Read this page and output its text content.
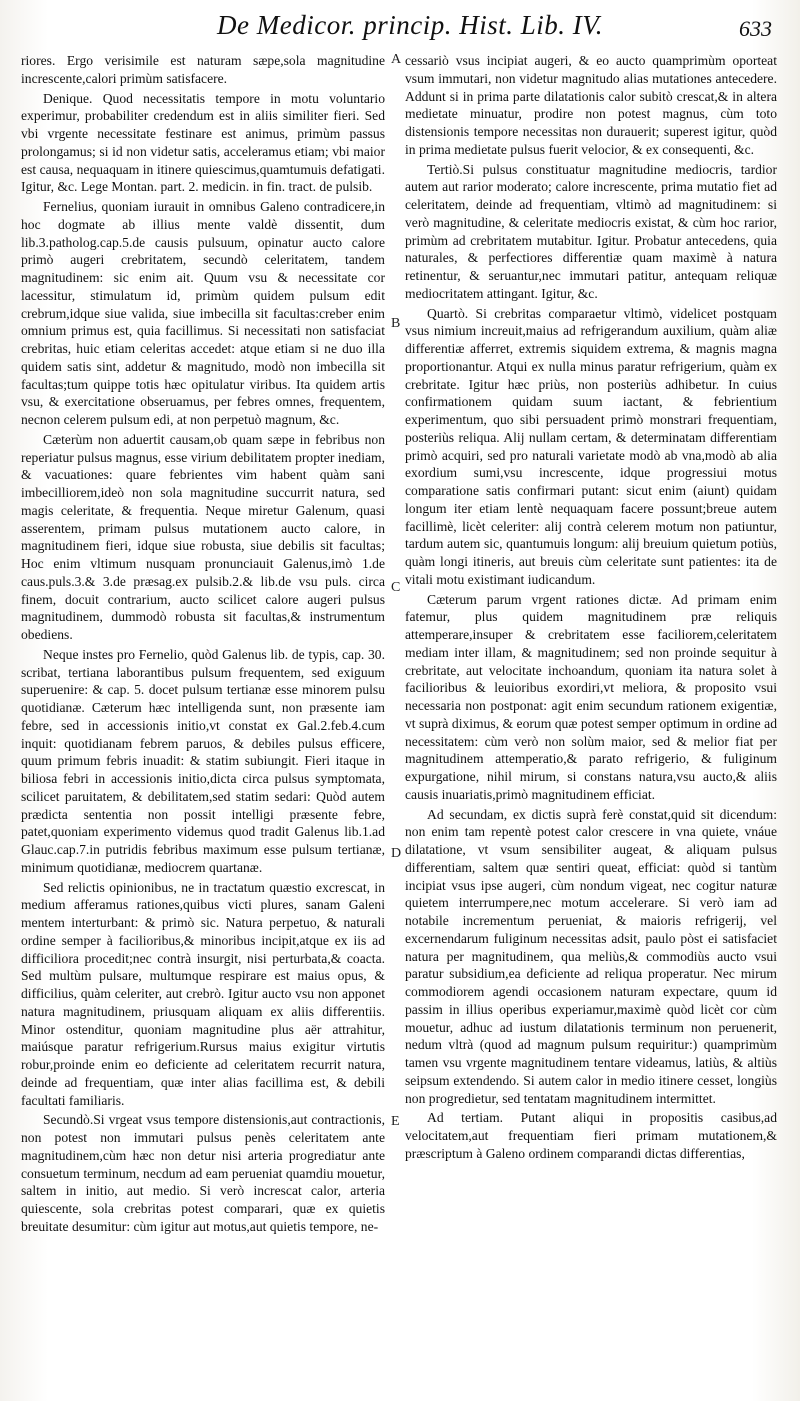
De Medicor. princip. Hist. Lib. IV.	633

riores. Ergo verisimile est naturam sæpe,sola magnitudine increscente,calori primùm satisfacere.

Denique. Quod necessitatis tempore in motu voluntario experimur, probabiliter credendum est in aliis similiter fieri. Sed vbi vrgente necessitate festinare est animus, primùm passus prolongamus; si id non videtur satis, acceleramus etiam; vbi maior est causa, nequaquam in itinere quiescimus,quamtumuis defatigati. Igitur, &c. Lege Montan. part. 2. medicin. in fin. tract. de pulsib.

Fernelius, quoniam iurauit in omnibus Galeno contradicere,in hoc dogmate ab illius mente valdè dissentit, dum lib.3.patholog.cap.5.de causis pulsuum, opinatur aucto calore primò augeri crebritatem, secundò celeritatem, tandem magnitudinem: sic enim ait. Quum vsu & necessitate cor lacessitur, stimulatum id, primùm quidem pulsum edit crebrum,idque siue valida, siue imbecilla sit facultas:creber enim omnium primus est, quia facillimus. Si necessitati non satisfaciat crebritas, huic etiam celeritas accedet: atque etiam si ne duo illa quidem satis sint, addetur & magnitudo, modò non imbecilla sit facultas;tum quippe totis hæc opitulatur viribus. Ita quidem artis vsu, & exercitatione obseruamus, per febres omnes, frequentem, necnon celerem pulsum edi, at non perpetuò magnum, &c.

Cæterùm non aduertit causam,ob quam sæpe in febribus non reperiatur pulsus magnus, esse virium debilitatem propter inediam, & vacuationes: quare febrientes vim habent quàm sani imbecilliorem,ideò non sola magnitudine succurrit natura, sed magis celeritate, & frequentia. Neque miretur Galenum, quasi asserentem, primam pulsus mutationem aucto calore, in magnitudinem fieri, idque siue robusta, siue debilis sit facultas; Hoc enim vltimum nusquam pronunciauit Galenus,imò 1.de caus.puls.3.& 3.de præsag.ex pulsib.2.& lib.de vsu puls. circa finem, docuit contrarium, aucto scilicet calore augeri pulsus magnitudinem, dummodò robusta sit facultas,& instrumentum obediens.

Neque instes pro Fernelio, quòd Galenus lib. de typis, cap. 30. scribat, tertiana laborantibus pulsum frequentem, sed exiguum superuenire: & cap. 5. docet pulsum tertianæ esse minorem pulsu quotidianæ. Cæterum hæc intelligenda sunt, non præsente iam febre, sed in accessionis initio,vt constat ex Gal.2.feb.4.cum inquit: quotidianam febrem paruos, & debiles pulsus efficere, quum primum febris inuadit: & statim subiungit. Fieri itaque in biliosa febri in accessionis initio,dicta circa pulsus symptomata, scilicet paruitatem, & debilitatem,sed statim sedari: Quòd autem prædicta sententia non possit intelligi præsente febre, patet,quoniam experimento videmus quod tradit Galenus lib.1.ad Glauc.cap.7.in putridis febribus maximum esse pulsum tertianæ, minimum quotidianæ, mediocrem quartanæ.

Sed relictis opinionibus, ne in tractatum quæstio excrescat, in medium afferamus rationes,quibus victi plures, sanam Galeni mentem interturbant: & primò sic. Natura perpetuo, & naturali ordine semper à facilioribus,& minoribus incipit,atque ex iis ad difficiliora procedit;nec contrà insurgit, nisi perturbata,& coacta. Sed multùm pulsare, multumque respirare est maius opus, & difficilius, quàm celeriter, aut crebrò. Igitur aucto vsu non apponet natura magnitudinem, priusquam aliquam ex aliis differentiis. Minor ostenditur, quoniam magnitudine plus aër attrahitur, maiúsque paratur refrigerium.Rursus maius exigitur virtutis robur,proinde enim eo deficiente ad celeritatem recurrit natura, deinde ad frequentiam, quæ inter alias facillima est, & debili facultati familiaris.

Secundò.Si vrgeat vsus tempore distensionis,aut contractionis, non potest non immutari pulsus penès celeritatem ante magnitudinem,cùm hæc non detur nisi arteria progrediatur ante consuetum terminum, necdum ad eam perueniat quamdiu mouetur, saltem in initio, aut medio. Si verò increscat calor, arteria quiescente, sola crebritas potest comparari, quæ ex quietis breuitate desumitur: cùm igitur aut motus,aut quietis tempore, ne-

A
B
C
D
E

cessariò vsus incipiat augeri, & eo aucto quamprimùm oporteat vsum immutari, non videtur magnitudo alias mutationes antecedere. Addunt si in prima parte dilatationis calor subitò crescat,& in altera medietate minuatur, prodire non potest magnus, cùm toto distensionis tempore necessitas non durauerit; superest igitur, quòd in prima medietate pulsus fuerit velocior, & ex consequenti, &c.

Tertiò.Si pulsus constituatur magnitudine mediocris, tardior autem aut rarior moderato; calore increscente, prima mutatio fiet ad celeritatem, deinde ad frequentiam, vltimò ad magnitudinem: si verò magnitudine, & celeritate mediocris existat, & cùm hoc rarior, primùm ad crebritatem mutabitur. Igitur. Probatur antecedens, quia naturales, & perfectiores differentiæ quam maximè à natura retinentur, & seruantur,nec immutari patitur, antequam reliquæ mediocritatem attingant. Igitur, &c.

Quartò. Si crebritas comparaetur vltimò, videlicet postquam vsus nimium increuit,maius ad refrigerandum auxilium, quàm aliæ differentiæ afferret, extremis siquidem extrema, & magnis magna proportionantur. Atqui ex nulla minus paratur refrigerium, quàm ex crebritate. Igitur hæc priùs, non posteriùs adhibetur. In cuius confirmationem quidam suum iactant, & febrientium experimentum, quo sibi persuadent primò monstrari frequentiam, posteriùs reliqua. Alij nullam certam, & determinatam differentiam primò acquiri, sed pro naturali varietate modò ab vna,modò ab alia exordium sumi,vsu increscente, idque progressiui motus comparatione satis confirmari putant: sicut enim (aiunt) quidam longum iter etiam lentè nequaquam facere possunt;breue autem facillimè, licèt celeriter: alij contrà celerem motum non patiuntur, tardum autem sic, quantumuis longum: alij breuium quietum potiùs, quàm longi itineris, aut breuis cùm celeritate sunt patientes: ita de vitali motu existimant iudicandum.

Cæterum parum vrgent rationes dictæ. Ad primam enim fatemur, plus quidem magnitudinem præ reliquis attemperare,insuper & crebritatem esse faciliorem,celeritatem mediam inter illam, & magnitudinem; sed non proinde sequitur à crebritate, aut velocitate inchoandum, quoniam ita natura solet à facilioribus & leuioribus exordiri,vt meliora, & proposito vsui necessaria non postponat: agit enim secundum rationem exigentiæ, vt suprà diximus, & eorum quæ potest semper optimum in ordine ad necessitatem: cùm verò non solùm maior, sed & melior fiat per magnitudinem attemperatio,& parato refrigerio, & fuliginum expurgatione, nihil mirum, si constans natura,vsu aucto,& aliis causis inuariatis,primò magnitudinem efficiat.

Ad secundam, ex dictis suprà ferè constat,quid sit dicendum: non enim tam repentè potest calor crescere in vna quiete, vnáue dilatatione, vt vsum sensibiliter augeat, & aliquam pulsus differentiam, saltem quæ sentiri queat, efficiat: quòd si tantùm incipiat vsus ipse augeri, cùm nondum vigeat, nec cogitur naturæ quietem interrumpere,nec motum accelerare. Si verò iam ad notabile incrementum perueniat, & maioris refrigerij, vel excernendarum fuliginum necessitas adsit, paulo pòst ei satisfaciet natura per magnitudinem, qua meliùs,& commodiùs aucto vsui paratur subsidium,ea deficiente ad reliqua properatur. Nec mirum commodiorem agendi occasionem naturam expectare, quum id passim in illius operibus experiamur,maximè quòd licèt cor cùm mouetur, adhuc ad iustum dilatationis terminum non peruenerit, nedum vltrà (quod ad magnum pulsum requiritur:) quamprimùm tamen vsu vrgente magnitudinem tentare videamus, latiùs, & altiùs seipsum extendendo. Si autem calor in medio itinere cesset, longiùs non progredietur, sed tentatam magnitudinem intermittet.

Ad tertiam. Putant aliqui in propositis casibus,ad velocitatem,aut frequentiam fieri primam mutationem,& præscriptum à Galeno ordinem comparandi dictas differentias,
